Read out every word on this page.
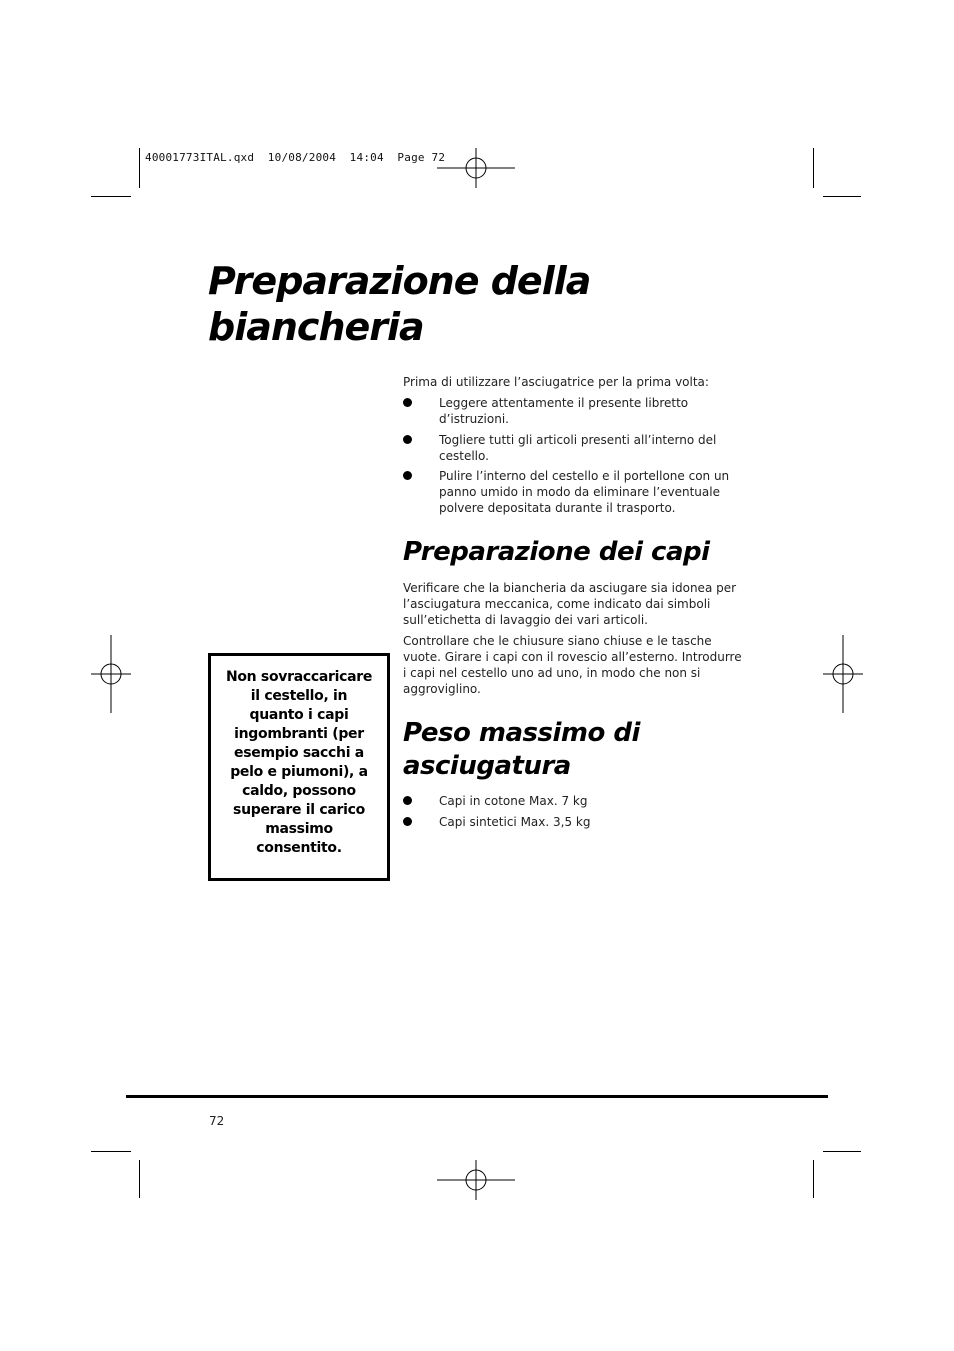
40001773ITAL.qxd  10/08/2004  14:04  Page 72
Preparazione della
biancheria

Prima di utilizzare l’asciugatrice per la prima volta:

Leggere attentamente il presente libretto
d’istruzioni.
Togliere tutti gli articoli presenti all’interno del
cestello.
Pulire l’interno del cestello e il portellone con un
panno umido in modo da eliminare l’eventuale
polvere depositata durante il trasporto.
Preparazione dei capi

Verificare che la biancheria da asciugare sia idonea per
l’asciugatura meccanica, come indicato dai simboli
sull’etichetta di lavaggio dei vari articoli.

Controllare che le chiusure siano chiuse e le tasche
vuote. Girare i capi con il rovescio all’esterno. Introdurre
i capi nel cestello uno ad uno, in modo che non si
aggroviglino.

Peso massimo di
asciugatura
Capi in cotone Max. 7 kg
Capi sintetici Max. 3,5 kg
Non sovraccaricare
il cestello, in
quanto i capi
ingombranti (per
esempio sacchi a
pelo e piumoni), a
caldo, possono
superare il carico
massimo
consentito.
72
